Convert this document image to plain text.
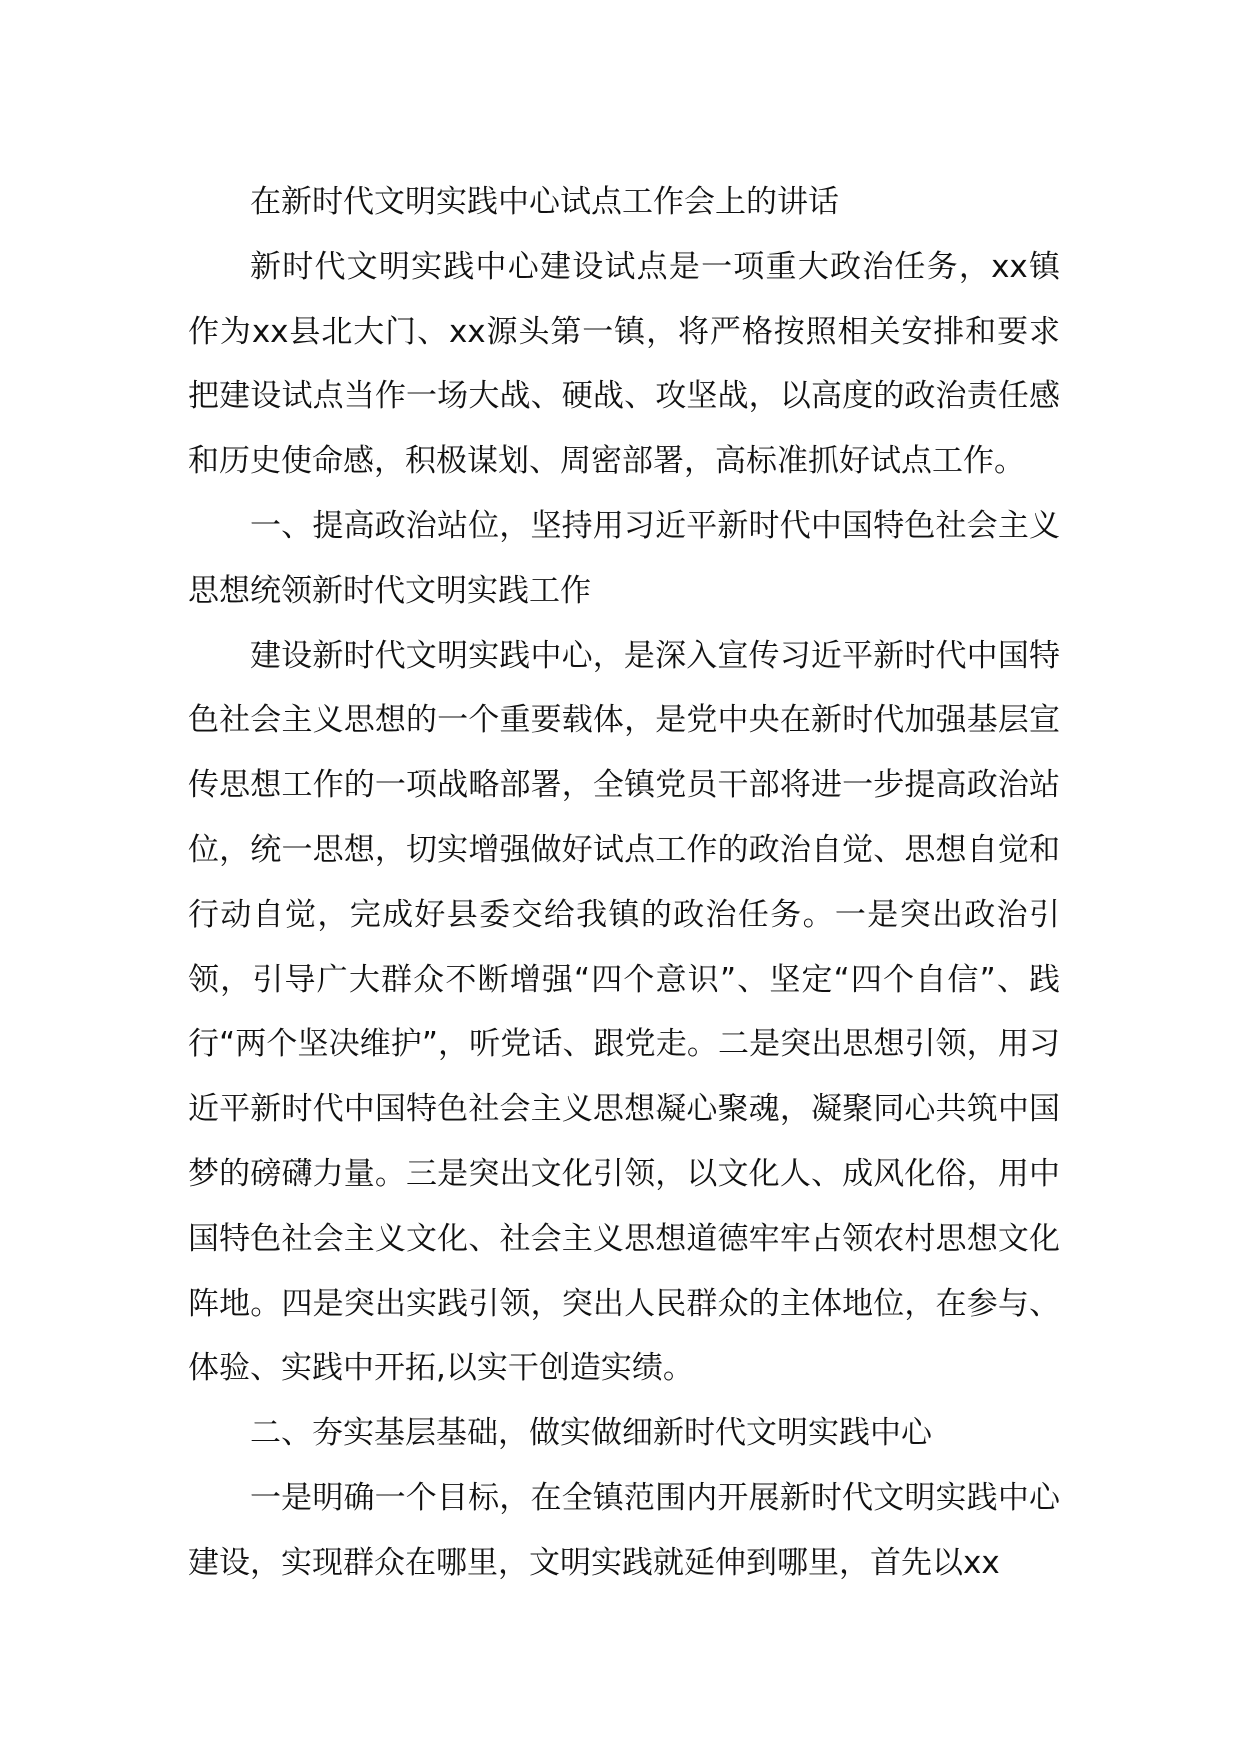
在新时代文明实践中心试点工作会上的讲话

新时代文明实践中心建设试点是一项重大政治任务，xx镇作为xx县北大门、xx源头第一镇，将严格按照相关安排和要求把建设试点当作一场大战、硬战、攻坚战，以高度的政治责任感和历史使命感，积极谋划、周密部署，高标准抓好试点工作。

一、提高政治站位，坚持用习近平新时代中国特色社会主义思想统领新时代文明实践工作

建设新时代文明实践中心，是深入宣传习近平新时代中国特色社会主义思想的一个重要载体，是党中央在新时代加强基层宣传思想工作的一项战略部署，全镇党员干部将进一步提高政治站位，统一思想，切实增强做好试点工作的政治自觉、思想自觉和行动自觉，完成好县委交给我镇的政治任务。一是突出政治引领，引导广大群众不断增强“四个意识”、坚定“四个自信”、践行“两个坚决维护”，听党话、跟党走。二是突出思想引领，用习近平新时代中国特色社会主义思想凝心聚魂，凝聚同心共筑中国梦的磅礴力量。三是突出文化引领，以文化人、成风化俗，用中国特色社会主义文化、社会主义思想道德牢牢占领农村思想文化阵地。四是突出实践引领，突出人民群众的主体地位，在参与、体验、实践中开拓,以实干创造实绩。

二、夯实基层基础，做实做细新时代文明实践中心

一是明确一个目标，在全镇范围内开展新时代文明实践中心建设，实现群众在哪里，文明实践就延伸到哪里，首先以xx
